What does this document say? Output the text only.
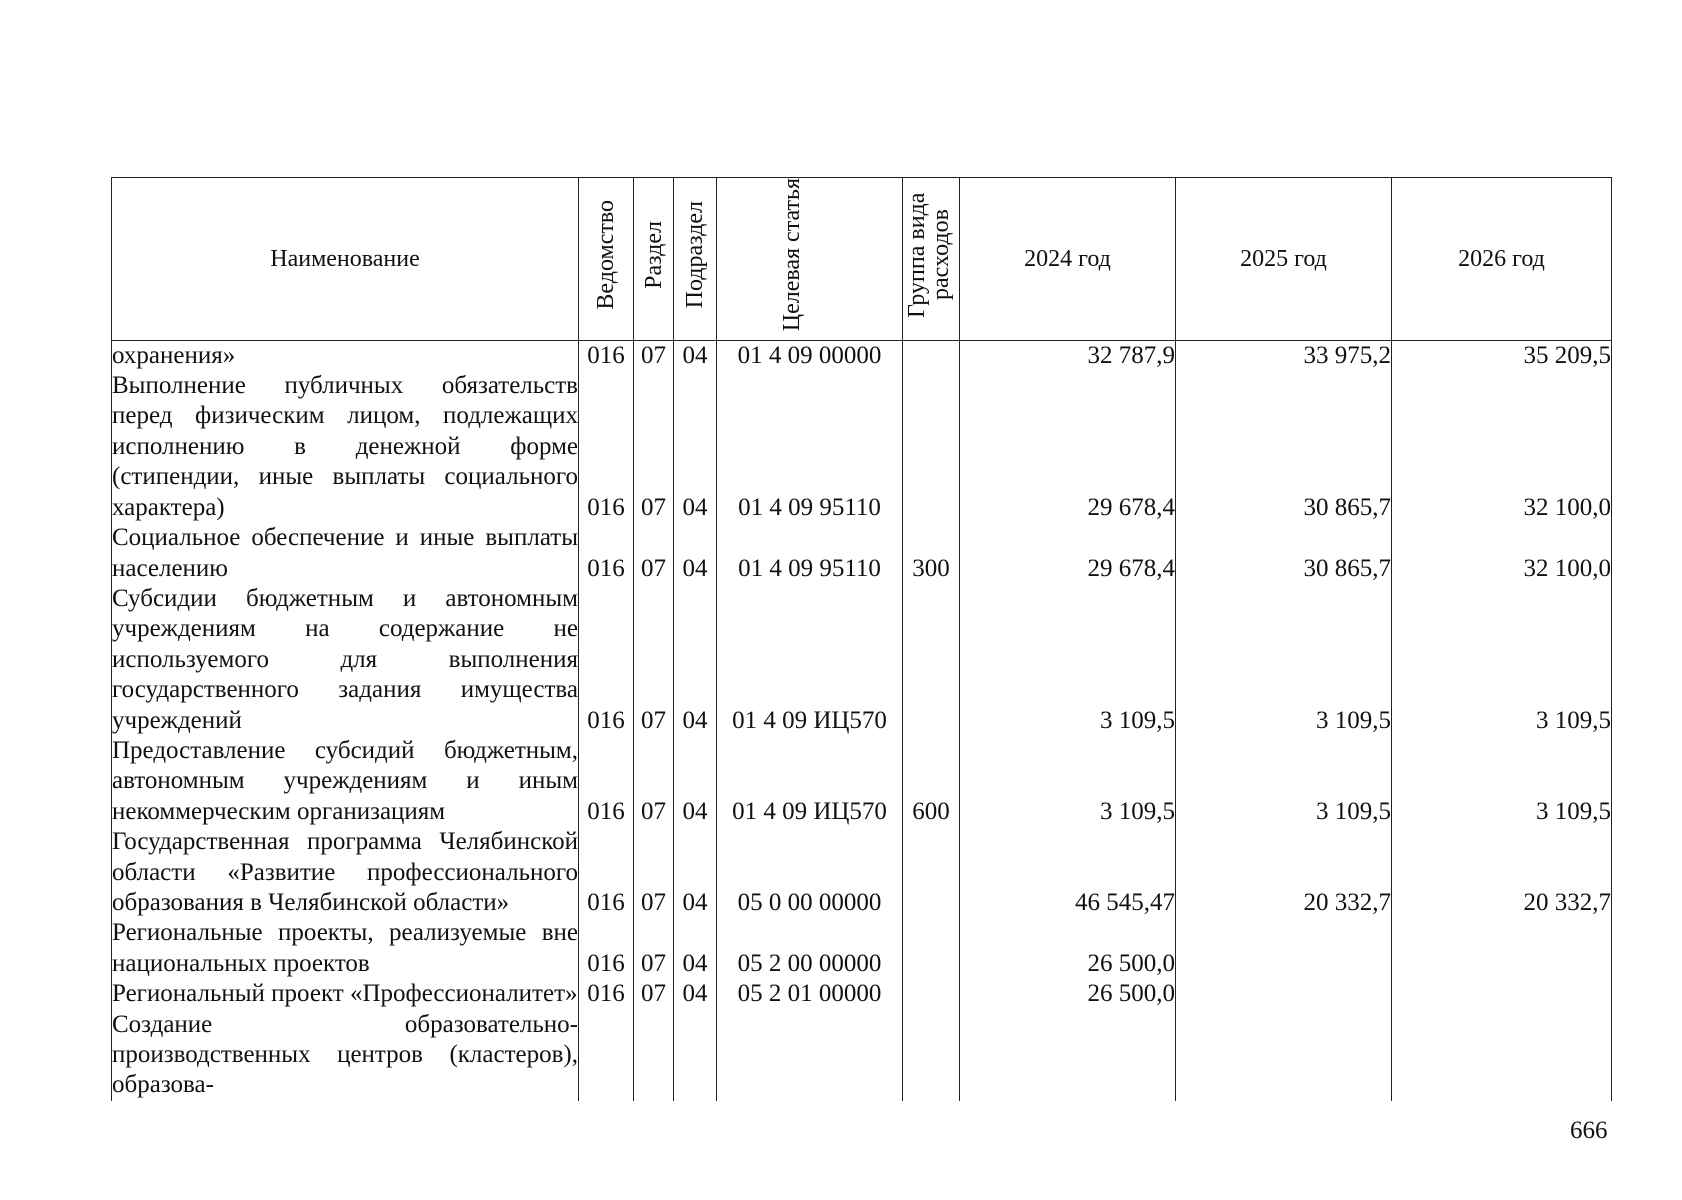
Наименование	Ведомство	Раздел	Подраздел	Целевая статья	Группа вида расходов	2024 год	2025 год	2026 год
охранения»	016	07	04	01 4 09 00000		32 787,9	33 975,2	35 209,5
Выполнение публичных обязательств перед физическим лицом, подлежащих исполнению в денежной форме (стипендии, иные выплаты социального характера)	016	07	04	01 4 09 95110		29 678,4	30 865,7	32 100,0
Социальное обеспечение и иные выплаты населению	016	07	04	01 4 09 95110	300	29 678,4	30 865,7	32 100,0
Субсидии бюджетным и автономным учреждениям на содержание не используемого для выполнения государственного задания имущества учреждений	016	07	04	01 4 09 ИЦ570		3 109,5	3 109,5	3 109,5
Предоставление субсидий бюджетным, автономным учреждениям и иным некоммерческим организациям	016	07	04	01 4 09 ИЦ570	600	3 109,5	3 109,5	3 109,5
Государственная программа Челябинской области «Развитие профессионального образования в Челябинской области»	016	07	04	05 0 00 00000		46 545,47	20 332,7	20 332,7
Региональные проекты, реализуемые вне национальных проектов	016	07	04	05 2 00 00000		26 500,0		
Региональный проект «Профессионалитет»	016	07	04	05 2 01 00000		26 500,0		
Создание образовательно-производственных центров (кластеров), образова-								
666
